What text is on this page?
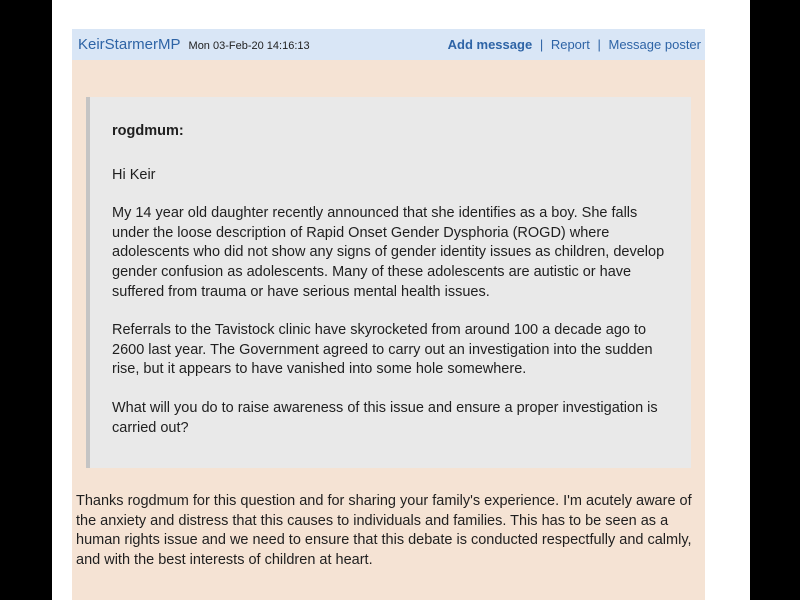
KeirStarmerMP Mon 03-Feb-20 14:16:13	Add message | Report | Message poster

rogdmum:

Hi Keir

My 14 year old daughter recently announced that she identifies as a boy. She falls under the loose description of Rapid Onset Gender Dysphoria (ROGD) where adolescents who did not show any signs of gender identity issues as children, develop gender confusion as adolescents. Many of these adolescents are autistic or have suffered from trauma or have serious mental health issues.

Referrals to the Tavistock clinic have skyrocketed from around 100 a decade ago to 2600 last year. The Government agreed to carry out an investigation into the sudden rise, but it appears to have vanished into some hole somewhere.

What will you do to raise awareness of this issue and ensure a proper investigation is carried out?

Thanks rogdmum for this question and for sharing your family's experience. I'm acutely aware of the anxiety and distress that this causes to individuals and families. This has to be seen as a human rights issue and we need to ensure that this debate is conducted respectfully and calmly, and with the best interests of children at heart.
